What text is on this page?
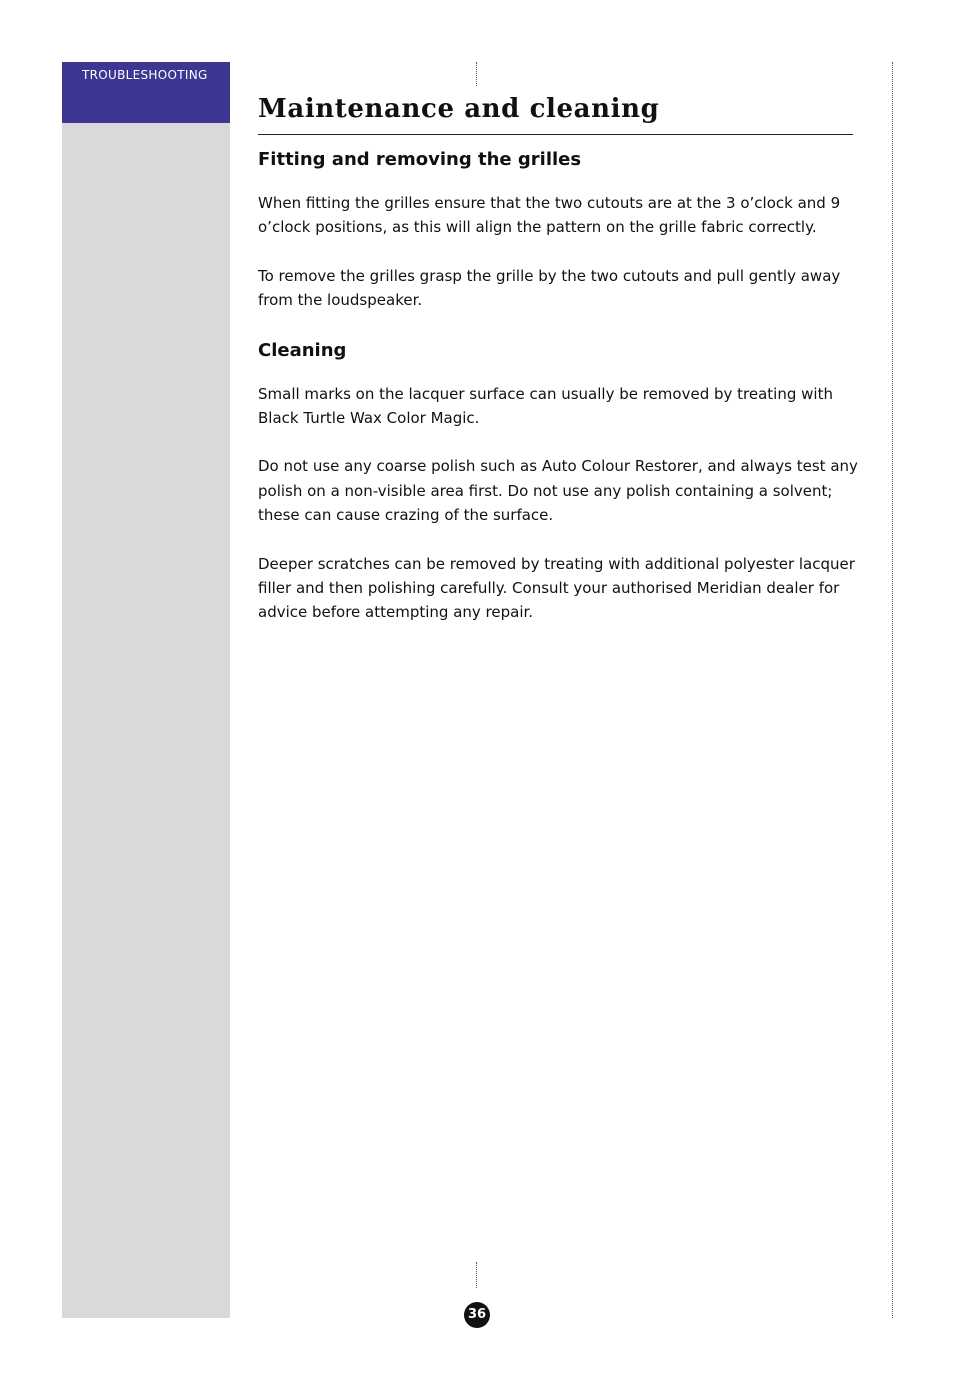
TROUBLESHOOTING
Maintenance and cleaning
Fitting and removing the grilles

When fitting the grilles ensure that the two cutouts are at the 3 o’clock and 9 o’clock positions, as this will align the pattern on the grille fabric correctly.

To remove the grilles grasp the grille by the two cutouts and pull gently away from the loudspeaker.

Cleaning

Small marks on the lacquer surface can usually be removed by treating with Black Turtle Wax Color Magic.

Do not use any coarse polish such as Auto Colour Restorer, and always test any polish on a non-visible area first. Do not use any polish containing a solvent; these can cause crazing of the surface.

Deeper scratches can be removed by treating with additional polyester lacquer filler and then polishing carefully. Consult your authorised Meridian dealer for advice before attempting any repair.

36
